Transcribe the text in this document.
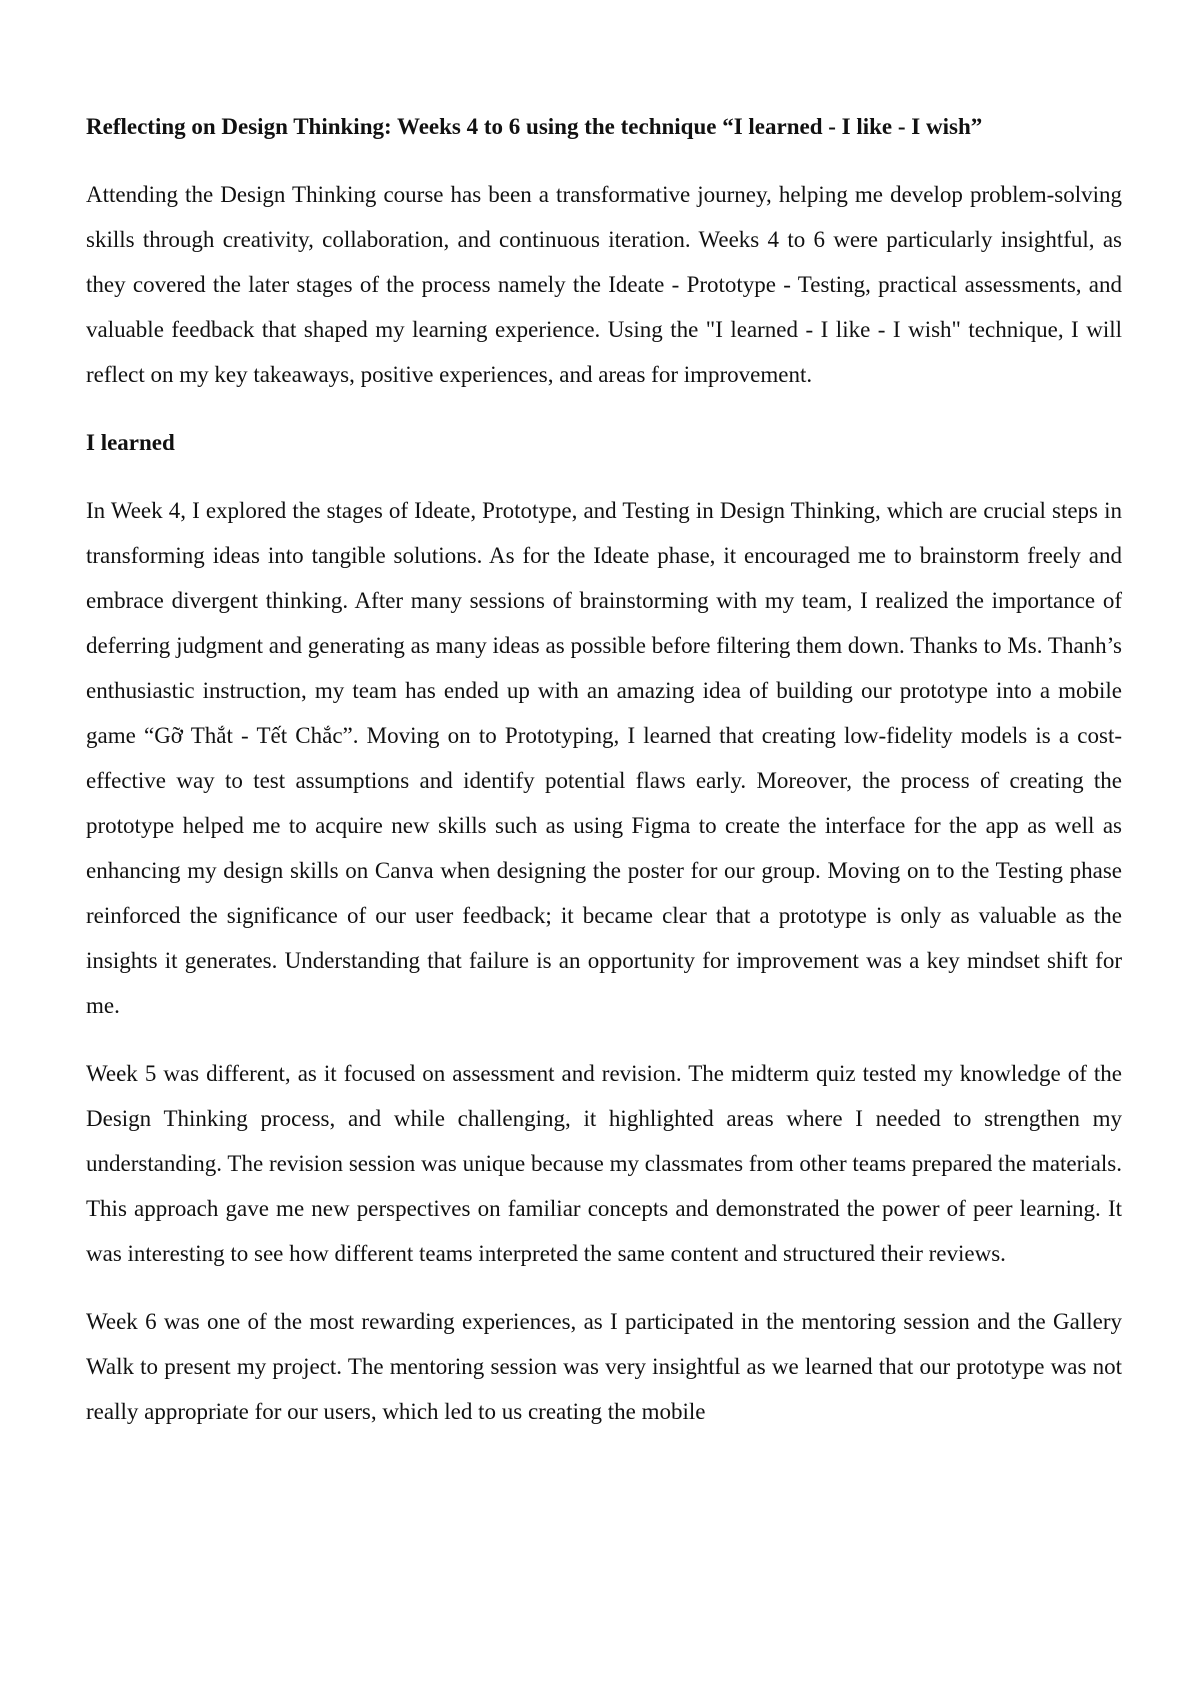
Reflecting on Design Thinking: Weeks 4 to 6 using the technique “I learned - I like - I wish”

Attending the Design Thinking course has been a transformative journey, helping me develop problem-solving skills through creativity, collaboration, and continuous iteration. Weeks 4 to 6 were particularly insightful, as they covered the later stages of the process namely the Ideate - Prototype - Testing, practical assessments, and valuable feedback that shaped my learning experience. Using the "I learned - I like - I wish" technique, I will reflect on my key takeaways, positive experiences, and areas for improvement.

I learned

In Week 4, I explored the stages of Ideate, Prototype, and Testing in Design Thinking, which are crucial steps in transforming ideas into tangible solutions. As for the Ideate phase, it encouraged me to brainstorm freely and embrace divergent thinking. After many sessions of brainstorming with my team, I realized the importance of deferring judgment and generating as many ideas as possible before filtering them down. Thanks to Ms. Thanh’s enthusiastic instruction, my team has ended up with an amazing idea of building our prototype into a mobile game “Gỡ Thắt - Tết Chắc”. Moving on to Prototyping, I learned that creating low-fidelity models is a cost-effective way to test assumptions and identify potential flaws early. Moreover, the process of creating the prototype helped me to acquire new skills such as using Figma to create the interface for the app as well as enhancing my design skills on Canva when designing the poster for our group. Moving on to the Testing phase reinforced the significance of our user feedback; it became clear that a prototype is only as valuable as the insights it generates. Understanding that failure is an opportunity for improvement was a key mindset shift for me.

Week 5 was different, as it focused on assessment and revision. The midterm quiz tested my knowledge of the Design Thinking process, and while challenging, it highlighted areas where I needed to strengthen my understanding. The revision session was unique because my classmates from other teams prepared the materials. This approach gave me new perspectives on familiar concepts and demonstrated the power of peer learning. It was interesting to see how different teams interpreted the same content and structured their reviews.

Week 6 was one of the most rewarding experiences, as I participated in the mentoring session and the Gallery Walk to present my project. The mentoring session was very insightful as we learned that our prototype was not really appropriate for our users, which led to us creating the mobile
